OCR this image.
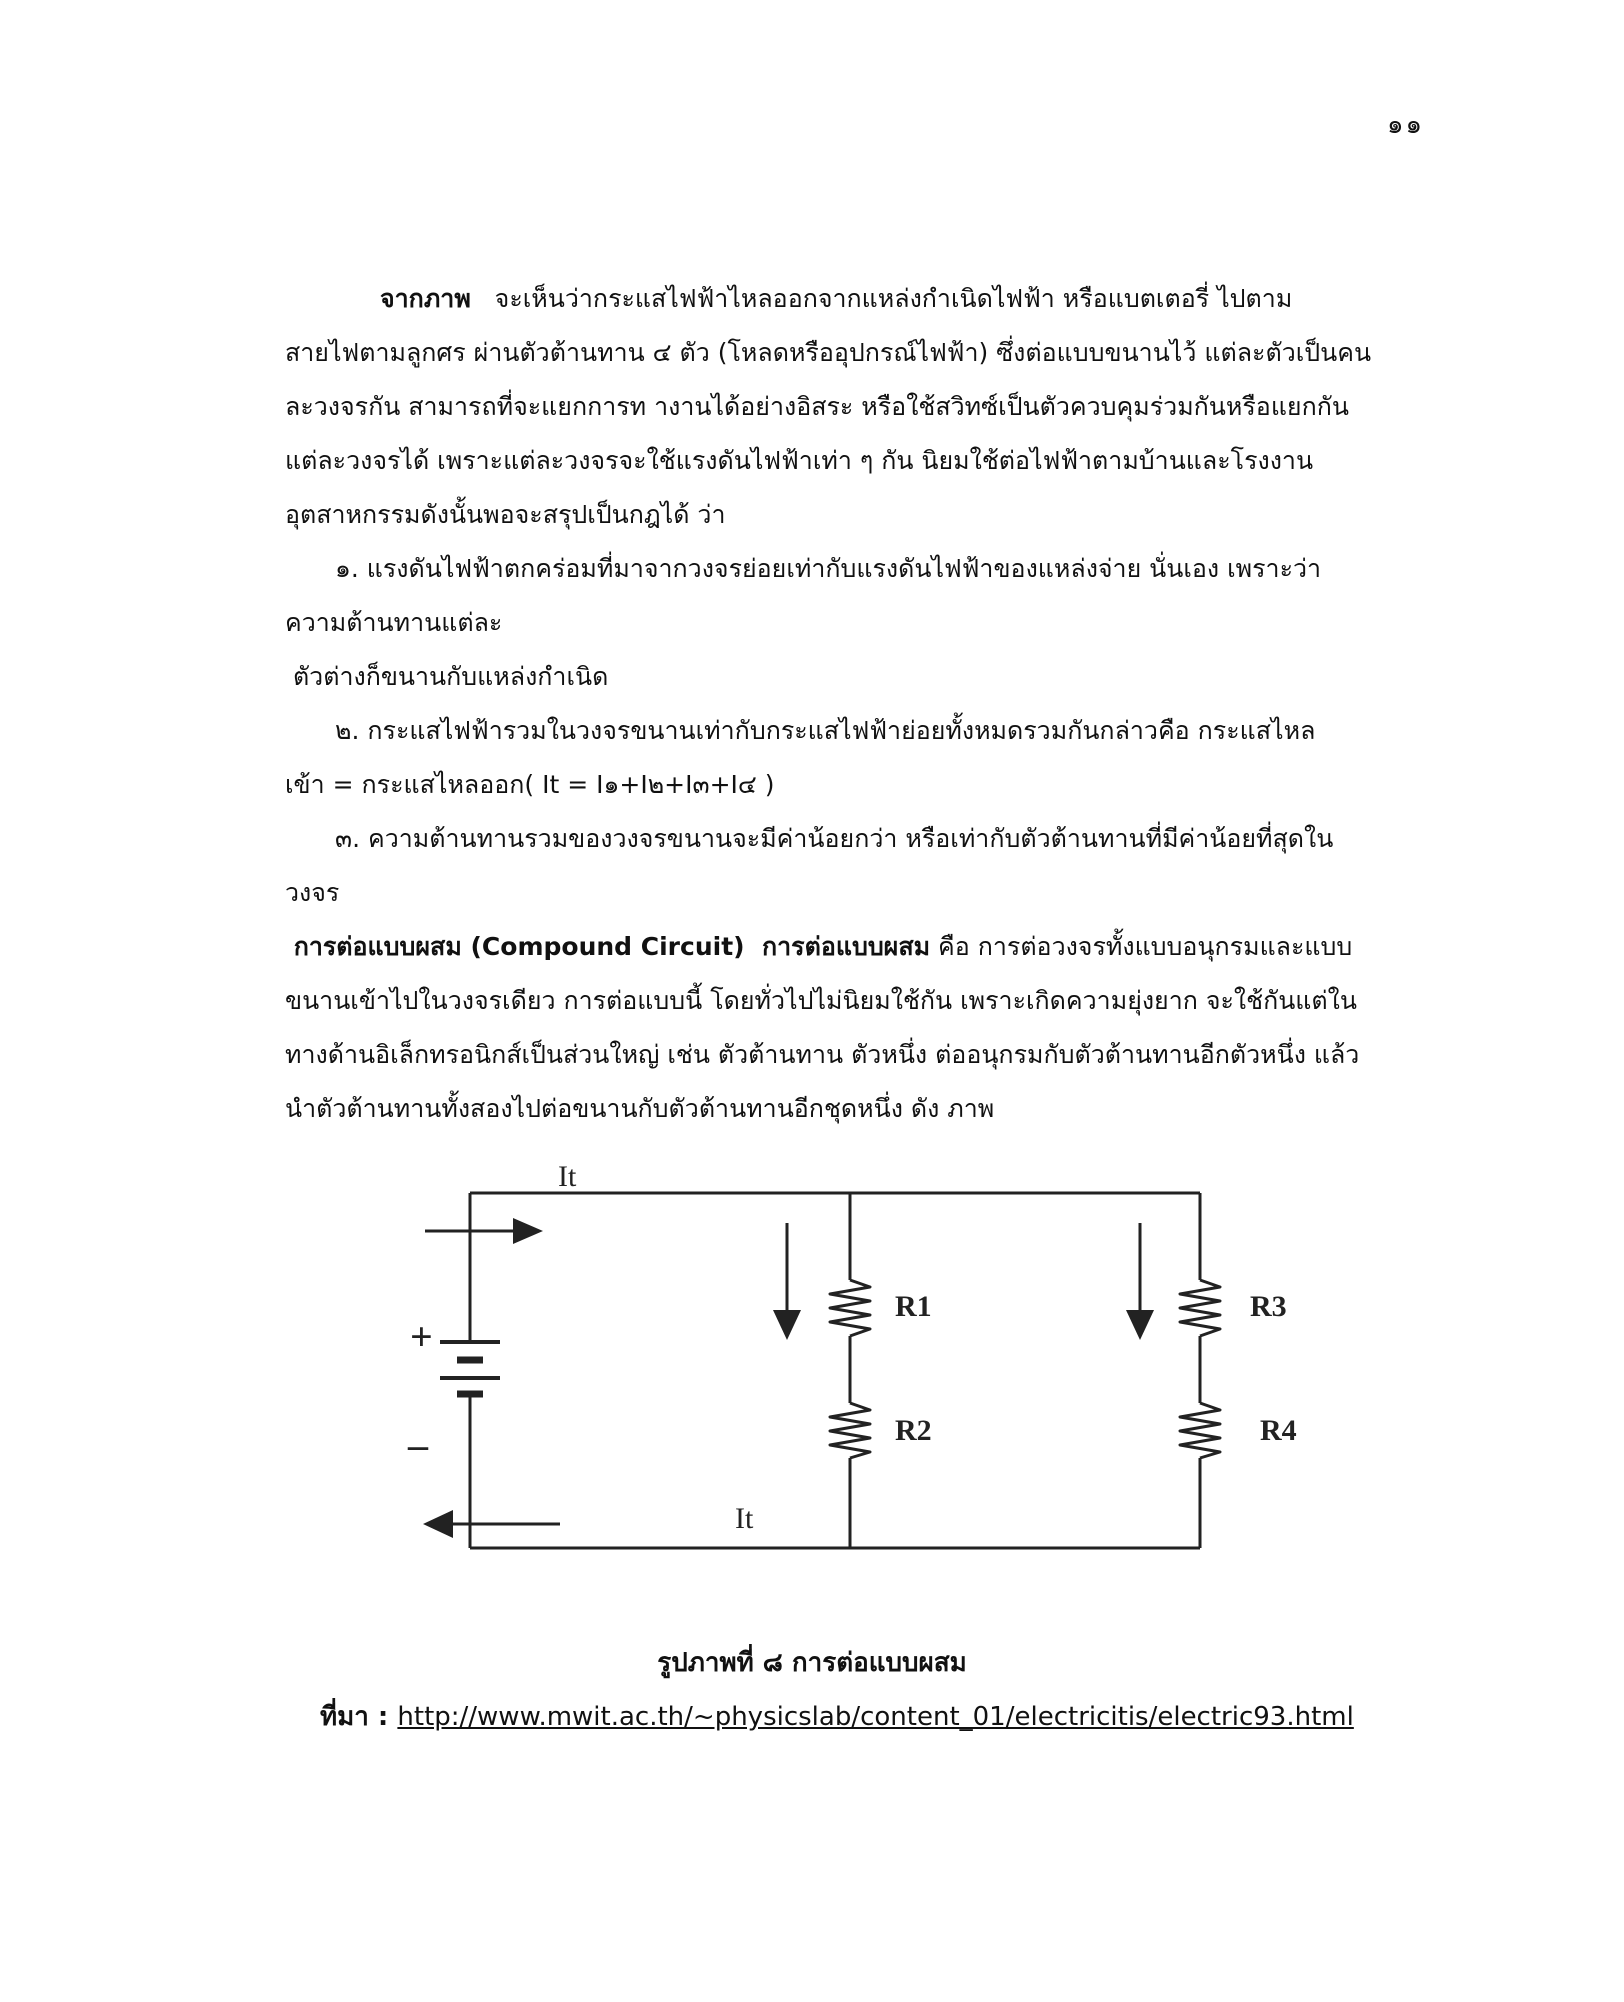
๑๑
จากภาพ   จะเห็นว่ากระแสไฟฟ้าไหลออกจากแหล่งกำเนิดไฟฟ้า หรือแบตเตอรี่ ไปตาม
สายไฟตามลูกศร ผ่านตัวต้านทาน ๔ ตัว (โหลดหรืออุปกรณ์ไฟฟ้า) ซึ่งต่อแบบขนานไว้ แต่ละตัวเป็นคน
ละวงจรกัน สามารถที่จะแยกการท างานได้อย่างอิสระ หรือใช้สวิทซ์เป็นตัวควบคุมร่วมกันหรือแยกกัน
แต่ละวงจรได้ เพราะแต่ละวงจรจะใช้แรงดันไฟฟ้าเท่า ๆ กัน นิยมใช้ต่อไฟฟ้าตามบ้านและโรงงาน
อุตสาหกรรมดังนั้นพอจะสรุปเป็นกฎได้ ว่า
๑. แรงดันไฟฟ้าตกคร่อมที่มาจากวงจรย่อยเท่ากับแรงดันไฟฟ้าของแหล่งจ่าย นั่นเอง เพราะว่า
ความต้านทานแต่ละ
ตัวต่างก็ขนานกับแหล่งกำเนิด
๒. กระแสไฟฟ้ารวมในวงจรขนานเท่ากับกระแสไฟฟ้าย่อยทั้งหมดรวมกันกล่าวคือ กระแสไหล
เข้า = กระแสไหลออก( It = I๑+I๒+I๓+I๔ )
๓. ความต้านทานรวมของวงจรขนานจะมีค่าน้อยกว่า หรือเท่ากับตัวต้านทานที่มีค่าน้อยที่สุดใน
วงจร
การต่อแบบผสม (Compound Circuit)  การต่อแบบผสม คือ การต่อวงจรทั้งแบบอนุกรมและแบบ
ขนานเข้าไปในวงจรเดียว การต่อแบบนี้ โดยทั่วไปไม่นิยมใช้กัน เพราะเกิดความยุ่งยาก จะใช้กันแต่ใน
ทางด้านอิเล็กทรอนิกส์เป็นส่วนใหญ่ เช่น ตัวต้านทาน ตัวหนึ่ง ต่ออนุกรมกับตัวต้านทานอีกตัวหนึ่ง แล้ว
นำตัวต้านทานทั้งสองไปต่อขนานกับตัวต้านทานอีกชุดหนึ่ง ดัง ภาพ
It
It
+
–
R1
R2
R3
R4
รูปภาพที่ ๘ การต่อแบบผสม
ที่มา : http://www.mwit.ac.th/~physicslab/content_01/electricitis/electric93.html
